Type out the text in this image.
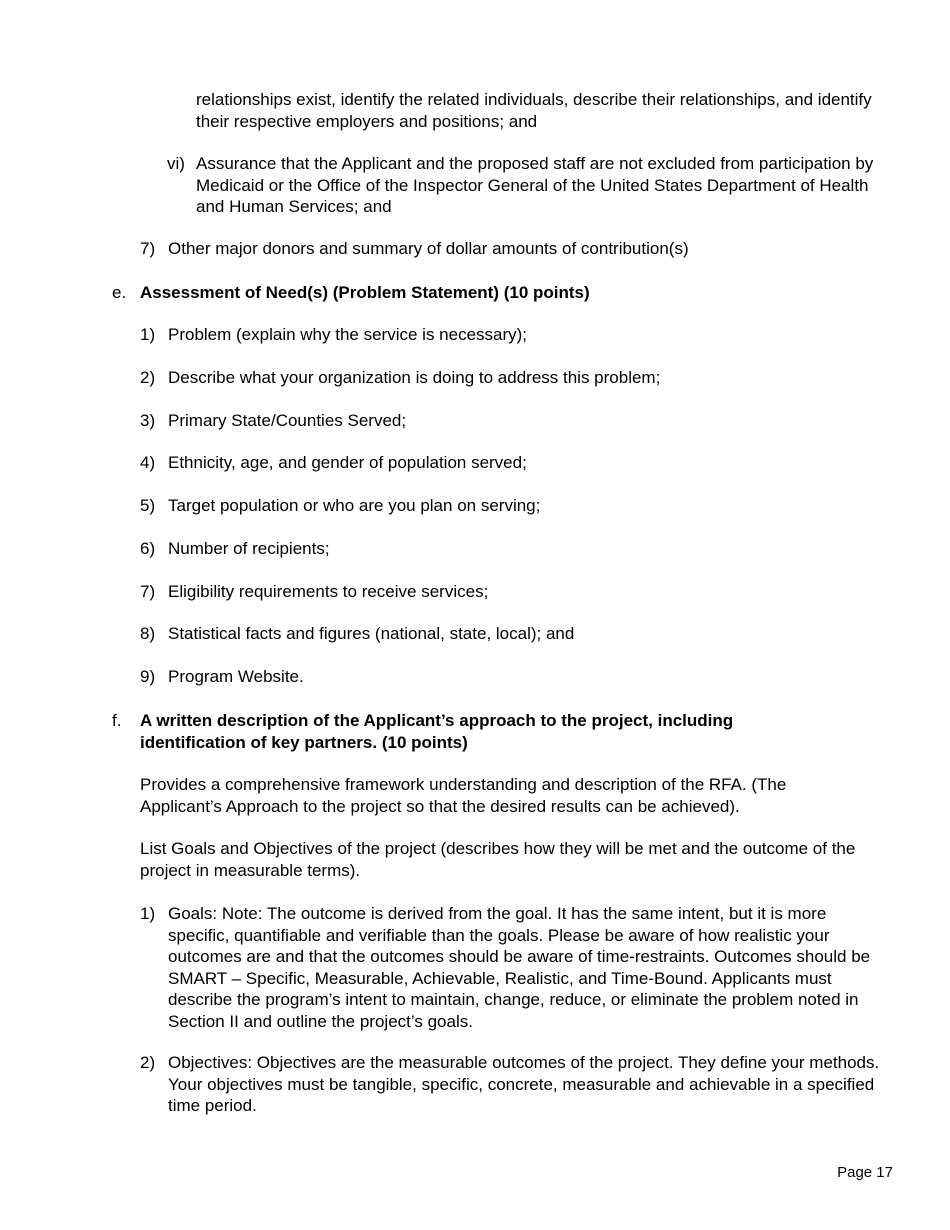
relationships exist, identify the related individuals, describe their relationships, and identify their respective employers and positions; and

vi) Assurance that the Applicant and the proposed staff are not excluded from participation by Medicaid or the Office of the Inspector General of the United States Department of Health and Human Services; and

7) Other major donors and summary of dollar amounts of contribution(s)

e. Assessment of Need(s) (Problem Statement) (10 points)

1) Problem (explain why the service is necessary);

2) Describe what your organization is doing to address this problem;

3) Primary State/Counties Served;

4) Ethnicity, age, and gender of population served;

5) Target population or who are you plan on serving;

6) Number of recipients;

7) Eligibility requirements to receive services;

8) Statistical facts and figures (national, state, local); and

9) Program Website.

f. A written description of the Applicant’s approach to the project, including identification of key partners. (10 points)

Provides a comprehensive framework understanding and description of the RFA. (The Applicant’s Approach to the project so that the desired results can be achieved).

List Goals and Objectives of the project (describes how they will be met and the outcome of the project in measurable terms).

1) Goals: Note: The outcome is derived from the goal. It has the same intent, but it is more specific, quantifiable and verifiable than the goals. Please be aware of how realistic your outcomes are and that the outcomes should be aware of time-restraints. Outcomes should be SMART – Specific, Measurable, Achievable, Realistic, and Time-Bound. Applicants must describe the program’s intent to maintain, change, reduce, or eliminate the problem noted in Section II and outline the project’s goals.

2) Objectives: Objectives are the measurable outcomes of the project. They define your methods. Your objectives must be tangible, specific, concrete, measurable and achievable in a specified time period.

Page 17
